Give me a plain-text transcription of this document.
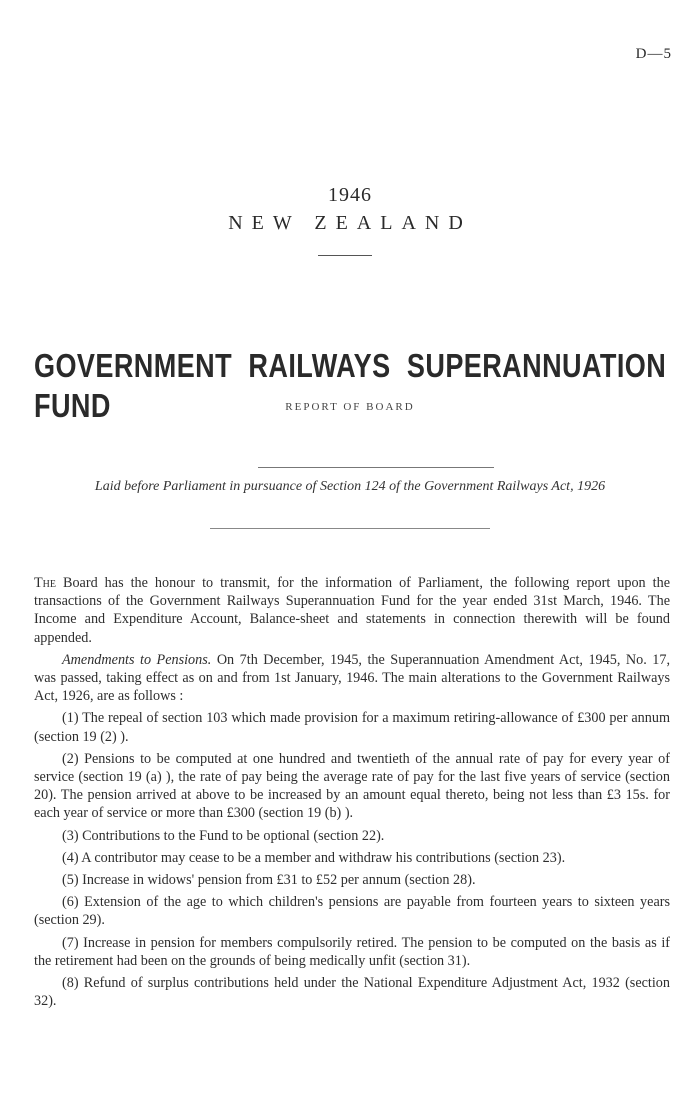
D—5
1946
NEW ZEALAND
GOVERNMENT RAILWAYS SUPERANNUATION FUND	REPORT OF BOARD
Laid before Parliament in pursuance of Section 124 of the Government Railways Act, 1926

The Board has the honour to transmit, for the information of Parliament, the following report upon the transactions of the Government Railways Superannuation Fund for the year ended 31st March, 1946. The Income and Expenditure Account, Balance-sheet and statements in connection therewith will be found appended.

Amendments to Pensions. On 7th December, 1945, the Superannuation Amendment Act, 1945, No. 17, was passed, taking effect as on and from 1st January, 1946. The main alterations to the Government Railways Act, 1926, are as follows :

(1) The repeal of section 103 which made provision for a maximum retiring-allowance of £300 per annum (section 19 (2) ).

(2) Pensions to be computed at one hundred and twentieth of the annual rate of pay for every year of service (section 19 (a) ), the rate of pay being the average rate of pay for the last five years of service (section 20). The pension arrived at above to be increased by an amount equal thereto, being not less than £3 15s. for each year of service or more than £300 (section 19 (b) ).

(3) Contributions to the Fund to be optional (section 22).

(4) A contributor may cease to be a member and withdraw his contributions (section 23).

(5) Increase in widows' pension from £31 to £52 per annum (section 28).

(6) Extension of the age to which children's pensions are payable from fourteen years to sixteen years (section 29).

(7) Increase in pension for members compulsorily retired. The pension to be computed on the basis as if the retirement had been on the grounds of being medically unfit (section 31).

(8) Refund of surplus contributions held under the National Expenditure Adjustment Act, 1932 (section 32).
